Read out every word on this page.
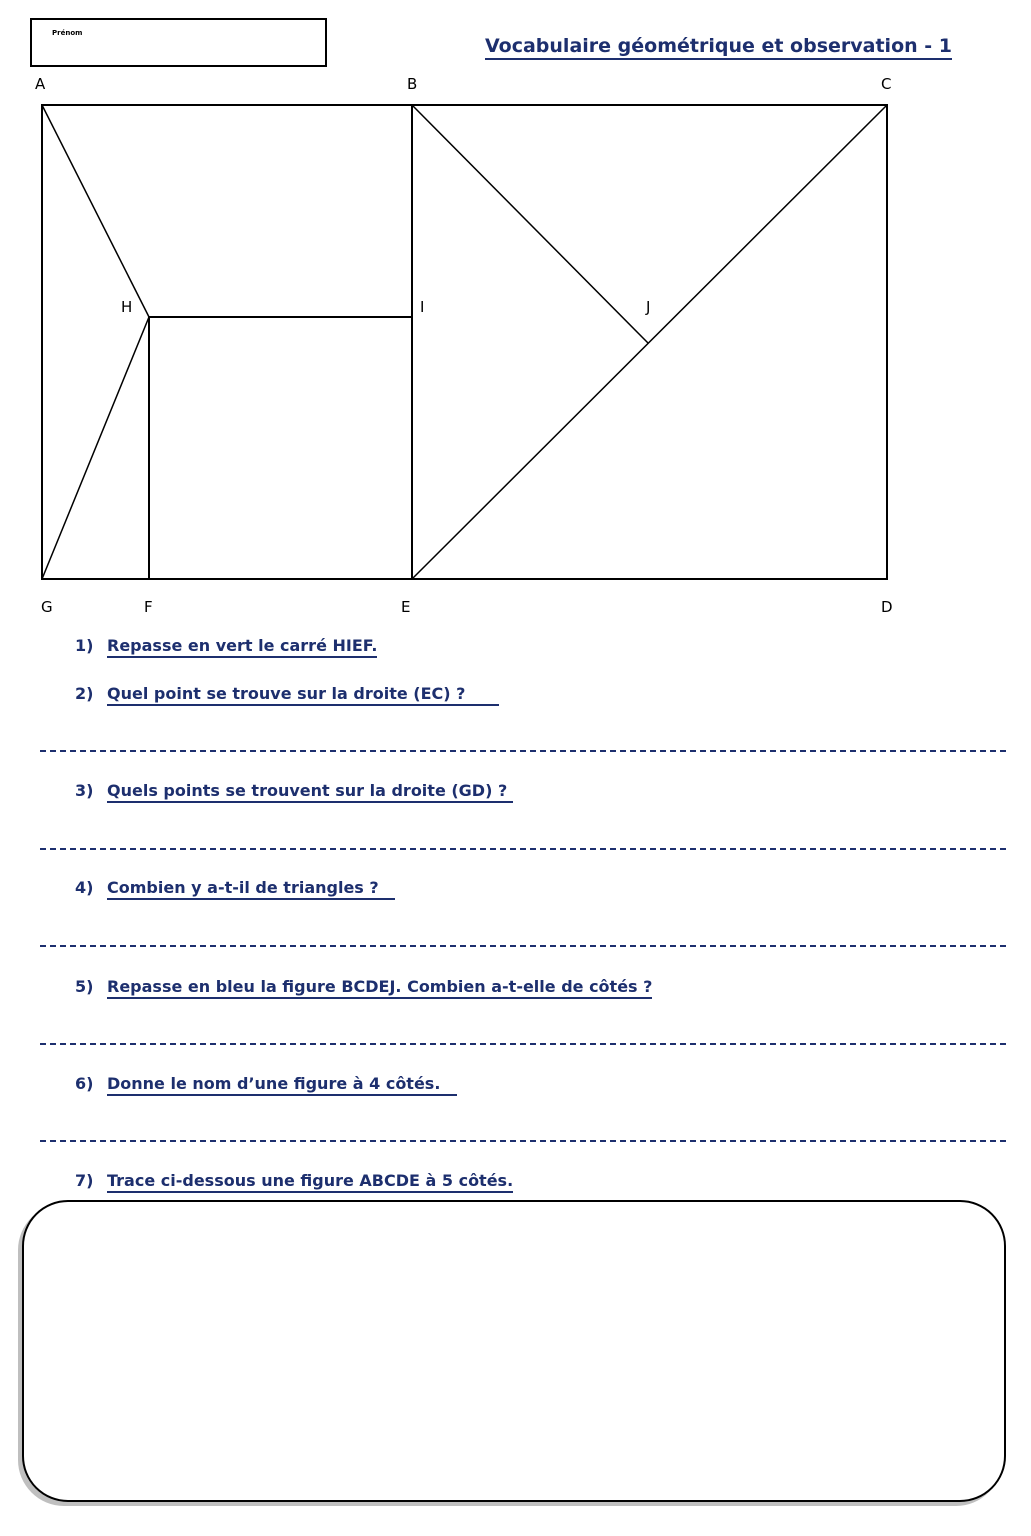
Prénom
Vocabulaire géométrique et observation - 1
A	B	C
H	I	J
G	F	E	D
1) Repasse en vert le carré HIEF.
2) Quel point se trouve sur la droite (EC) ?
3) Quels points se trouvent sur la droite (GD) ?
4) Combien y a-t-il de triangles ?
5) Repasse en bleu la figure BCDEJ. Combien a-t-elle de côtés ?
6) Donne le nom d’une figure à 4 côtés.
7) Trace ci-dessous une figure ABCDE à 5 côtés.
